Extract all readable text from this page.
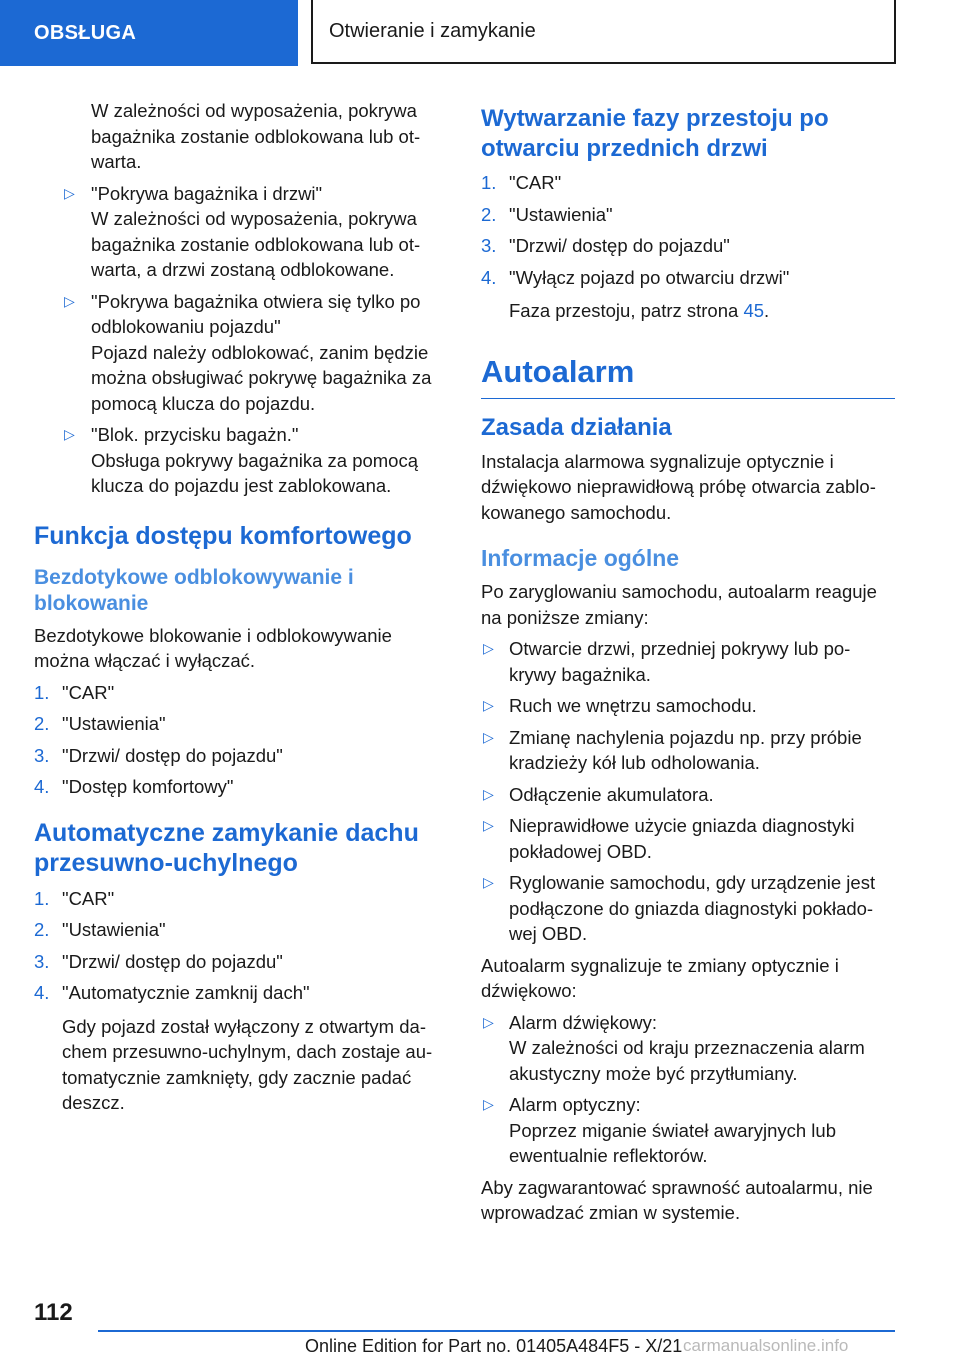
OBSŁUGA	Otwieranie i zamykanie

W zależności od wyposażenia, pokrywa bagażnika zostanie odblokowana lub ot-warta.

▷ "Pokrywa bagażnika i drzwi"
W zależności od wyposażenia, pokrywa bagażnika zostanie odblokowana lub ot-warta, a drzwi zostaną odblokowane.
▷ "Pokrywa bagażnika otwiera się tylko po odblokowaniu pojazdu"
Pojazd należy odblokować, zanim będzie można obsługiwać pokrywę bagażnika za pomocą klucza do pojazdu.
▷ "Blok. przycisku bagażn."
Obsługa pokrywy bagażnika za pomocą klucza do pojazdu jest zablokowana.
Funkcja dostępu komfortowego
Bezdotykowe odblokowywanie i blokowanie

Bezdotykowe blokowanie i odblokowywanie można włączać i wyłączać.

1. "CAR"
2. "Ustawienia"
3. "Drzwi/ dostęp do pojazdu"
4. "Dostęp komfortowy"
Automatyczne zamykanie dachu przesuwno-uchylnego
1. "CAR"
2. "Ustawienia"
3. "Drzwi/ dostęp do pojazdu"
4. "Automatycznie zamknij dach"

Gdy pojazd został wyłączony z otwartym da-chem przesuwno-uchylnym, dach zostaje au-tomatycznie zamknięty, gdy zacznie padać deszcz.

Wytwarzanie fazy przestoju po otwarciu przednich drzwi
1. "CAR"
2. "Ustawienia"
3. "Drzwi/ dostęp do pojazdu"
4. "Wyłącz pojazd po otwarciu drzwi"

Faza przestoju, patrz strona 45.

Autoalarm
Zasada działania

Instalacja alarmowa sygnalizuje optycznie i dźwiękowo nieprawidłową próbę otwarcia zablo-kowanego samochodu.

Informacje ogólne

Po zaryglowaniu samochodu, autoalarm reaguje na poniższe zmiany:

▷ Otwarcie drzwi, przedniej pokrywy lub po-krywy bagażnika.
▷ Ruch we wnętrzu samochodu.
▷ Zmianę nachylenia pojazdu np. przy próbie kradzieży kół lub odholowania.
▷ Odłączenie akumulatora.
▷ Nieprawidłowe użycie gniazda diagnostyki pokładowej OBD.
▷ Ryglowanie samochodu, gdy urządzenie jest podłączone do gniazda diagnostyki pokłado-wej OBD.

Autoalarm sygnalizuje te zmiany optycznie i dźwiękowo:

▷ Alarm dźwiękowy:
W zależności od kraju przeznaczenia alarm akustyczny może być przytłumiany.
▷ Alarm optyczny:
Poprzez miganie świateł awaryjnych lub ewentualnie reflektorów.

Aby zagwarantować sprawność autoalarmu, nie wprowadzać zmian w systemie.

112
Online Edition for Part no. 01405A484F5 - X/21 carmanualsonline.info
